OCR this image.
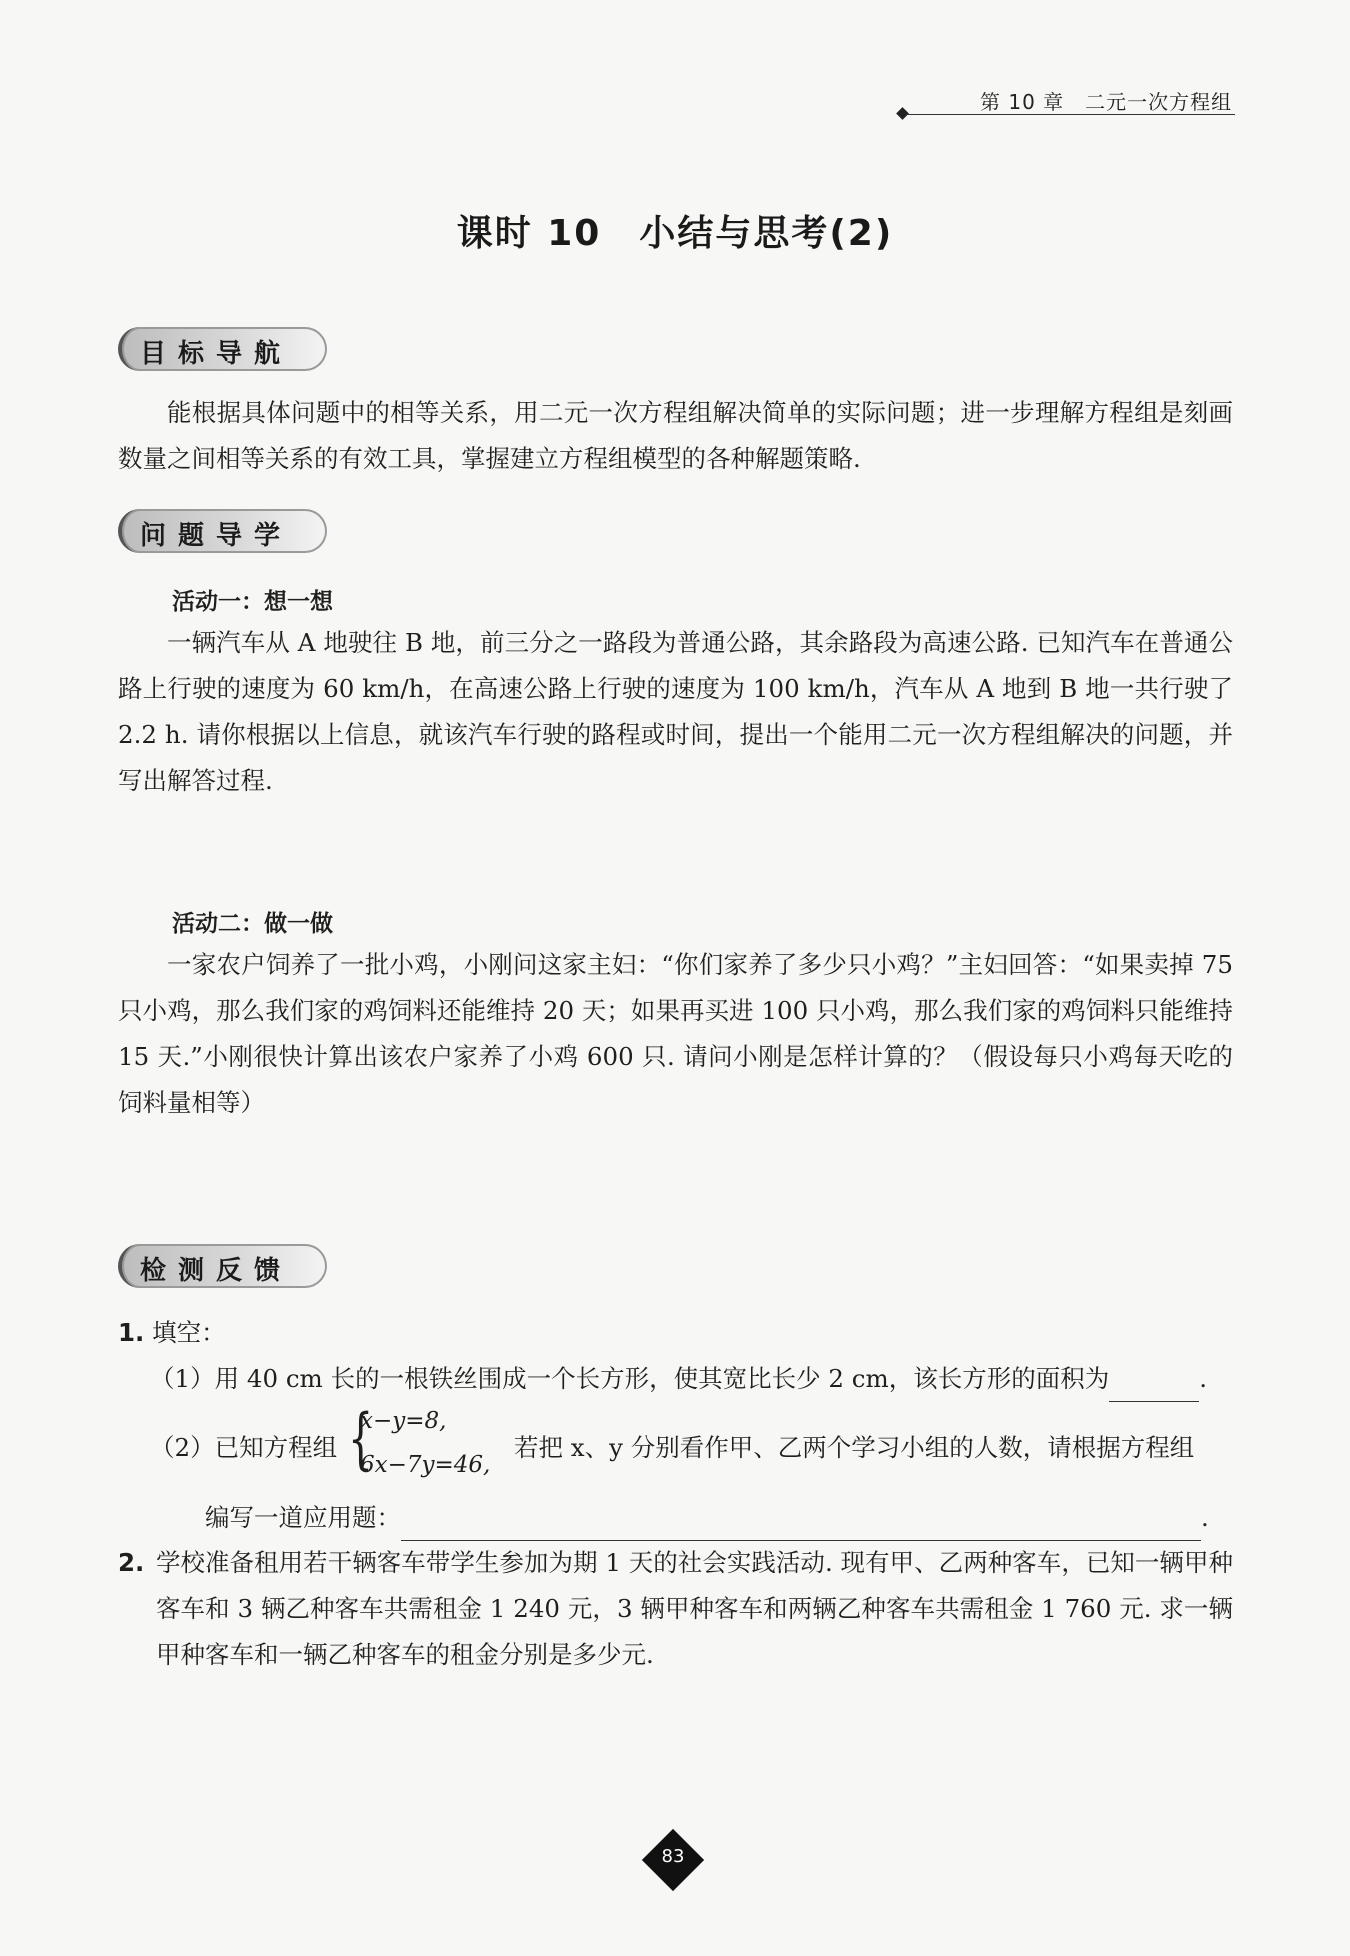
第 10 章　二元一次方程组
课时 10　小结与思考(2)
目标导航
能根据具体问题中的相等关系，用二元一次方程组解决简单的实际问题；进一步理解方程组是刻画数量之间相等关系的有效工具，掌握建立方程组模型的各种解题策略.
问题导学
活动一：想一想
一辆汽车从 A 地驶往 B 地，前三分之一路段为普通公路，其余路段为高速公路. 已知汽车在普通公路上行驶的速度为 60 km/h，在高速公路上行驶的速度为 100 km/h，汽车从 A 地到 B 地一共行驶了 2.2 h. 请你根据以上信息，就该汽车行驶的路程或时间，提出一个能用二元一次方程组解决的问题，并写出解答过程.
活动二：做一做
一家农户饲养了一批小鸡，小刚问这家主妇：“你们家养了多少只小鸡？”主妇回答：“如果卖掉 75 只小鸡，那么我们家的鸡饲料还能维持 20 天；如果再买进 100 只小鸡，那么我们家的鸡饲料只能维持 15 天.”小刚很快计算出该农户家养了小鸡 600 只. 请问小刚是怎样计算的？（假设每只小鸡每天吃的饲料量相等）
检测反馈
1. 填空：
（1）用 40 cm 长的一根铁丝围成一个长方形，使其宽比长少 2 cm，该长方形的面积为	.
（2）已知方程组 {
x−y=8,
6x−7y=46,
若把 x、y 分别看作甲、乙两个学习小组的人数，请根据方程组
编写一道应用题：	.
2. 学校准备租用若干辆客车带学生参加为期 1 天的社会实践活动. 现有甲、乙两种客车，已知一辆甲种客车和 3 辆乙种客车共需租金 1 240 元，3 辆甲种客车和两辆乙种客车共需租金 1 760 元. 求一辆甲种客车和一辆乙种客车的租金分别是多少元.
83
